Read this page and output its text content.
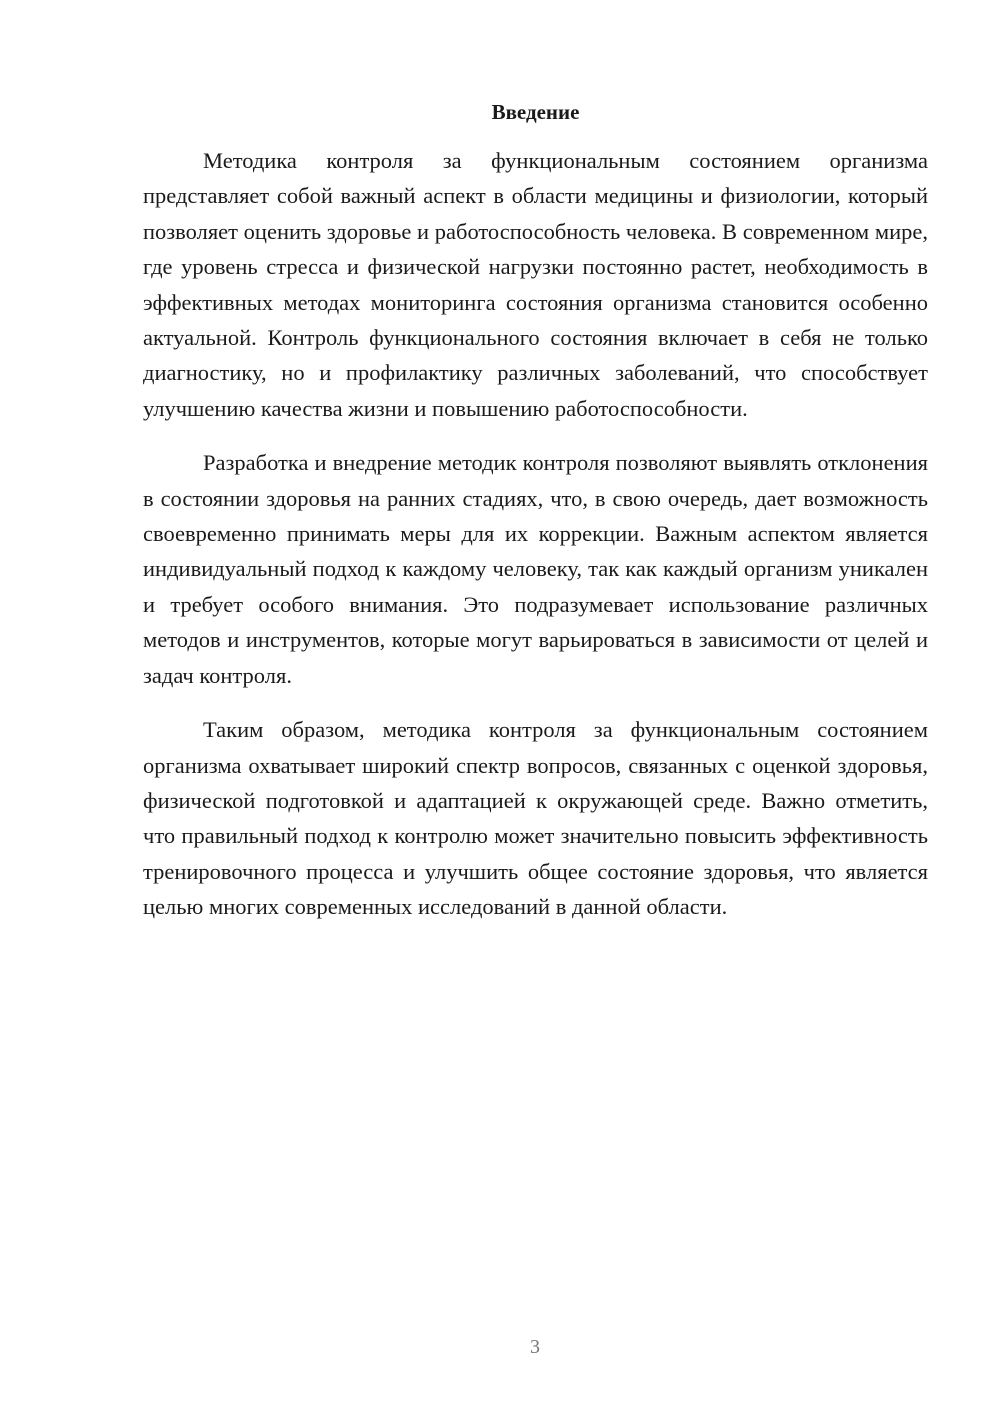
Введение

Методика контроля за функциональным состоянием организма представляет собой важный аспект в области медицины и физиологии, который позволяет оценить здоровье и работоспособность человека. В современном мире, где уровень стресса и физической нагрузки постоянно растет, необходимость в эффективных методах мониторинга состояния организма становится особенно актуальной. Контроль функционального состояния включает в себя не только диагностику, но и профилактику различных заболеваний, что способствует улучшению качества жизни и повышению работоспособности.

Разработка и внедрение методик контроля позволяют выявлять отклонения в состоянии здоровья на ранних стадиях, что, в свою очередь, дает возможность своевременно принимать меры для их коррекции. Важным аспектом является индивидуальный подход к каждому человеку, так как каждый организм уникален и требует особого внимания. Это подразумевает использование различных методов и инструментов, которые могут варьироваться в зависимости от целей и задач контроля.

Таким образом, методика контроля за функциональным состоянием организма охватывает широкий спектр вопросов, связанных с оценкой здоровья, физической подготовкой и адаптацией к окружающей среде. Важно отметить, что правильный подход к контролю может значительно повысить эффективность тренировочного процесса и улучшить общее состояние здоровья, что является целью многих современных исследований в данной области.

3
